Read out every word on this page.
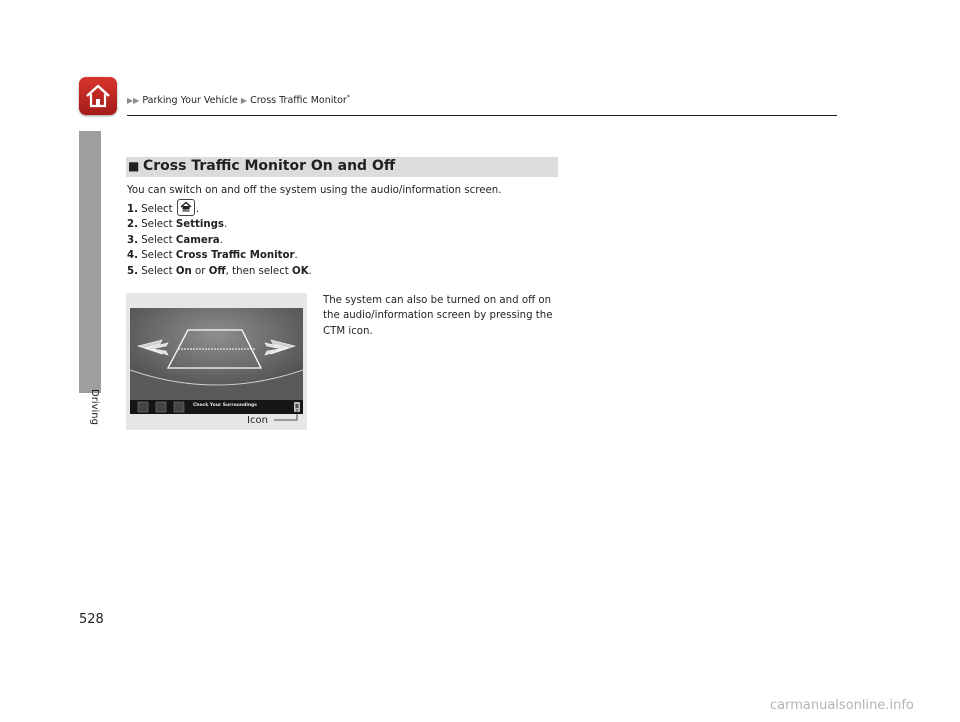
▶▶ Parking Your Vehicle ▶ Cross Traffic Monitor*
Driving
528
■ Cross Traffic Monitor On and Off

You can switch on and off the system using the audio/information screen.

1. Select HOME .

2. Select Settings.

3. Select Camera.

4. Select Cross Traffic Monitor.

5. Select On or Off, then select OK.

Check Your Surroundings
Icon

The system can also be turned on and off on

the audio/information screen by pressing the

CTM icon.

carmanualsonline.info
